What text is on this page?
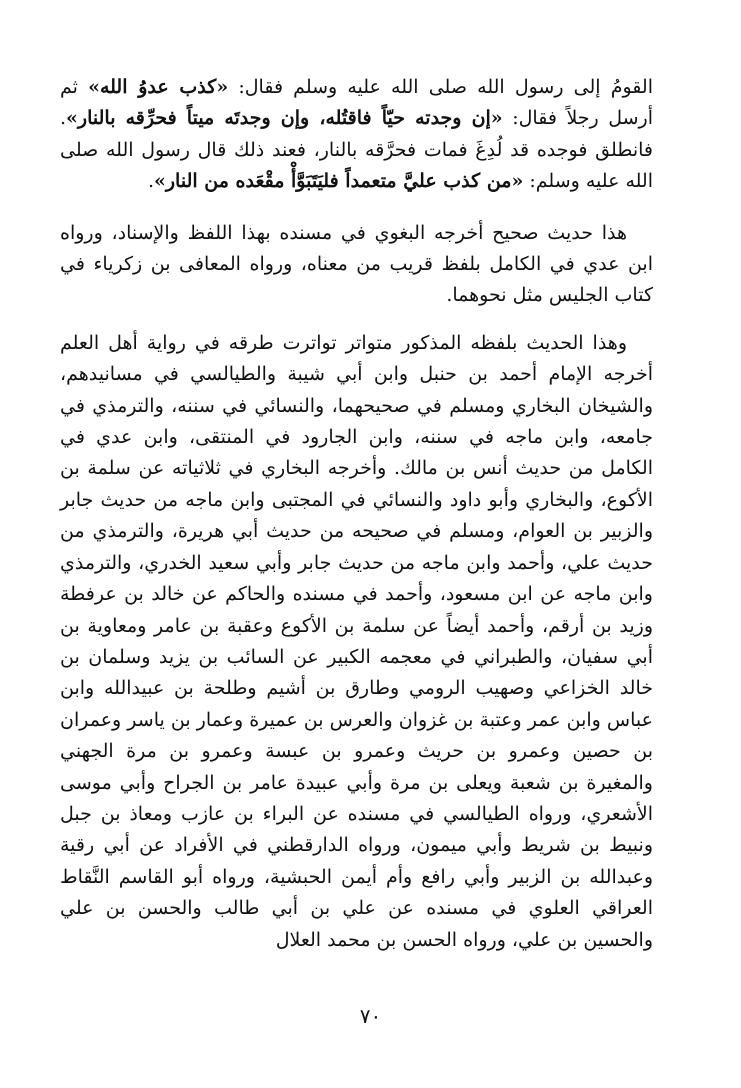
القومُ إلى رسول الله صلى الله عليه وسلم فقال: «كذب عدوُ الله» ثم أرسل رجلاً فقال: «إن وجدته حيّاً فاقتُله، وإن وجدتَه ميتاً فحرِّقه بالنار». فانطلق فوجده قد لُدِغَ فمات فحرَّقه بالنار، فعند ذلك قال رسول الله صلى الله عليه وسلم: «من كذب عليَّ متعمداً فليَتَبَوَّأْ مقْعَده من النار».

هذا حديث صحيح أخرجه البغوي في مسنده بهذا اللفظ والإسناد، ورواه ابن عدي في الكامل بلفظ قريب من معناه، ورواه المعافى بن زكرياء في كتاب الجليس مثل نحوهما.

وهذا الحديث بلفظه المذكور متواتر تواترت طرقه في رواية أهل العلم أخرجه الإمام أحمد بن حنبل وابن أبي شيبة والطيالسي في مسانيدهم، والشيخان البخاري ومسلم في صحيحهما، والنسائي في سننه، والترمذي في جامعه، وابن ماجه في سننه، وابن الجارود في المنتقى، وابن عدي في الكامل من حديث أنس بن مالك. وأخرجه البخاري في ثلاثياته عن سلمة بن الأكوع، والبخاري وأبو داود والنسائي في المجتبى وابن ماجه من حديث جابر والزبير بن العوام، ومسلم في صحيحه من حديث أبي هريرة، والترمذي من حديث علي، وأحمد وابن ماجه من حديث جابر وأبي سعيد الخدري، والترمذي وابن ماجه عن ابن مسعود، وأحمد في مسنده والحاكم عن خالد بن عرفطة وزيد بن أرقم، وأحمد أيضاً عن سلمة بن الأكوع وعقبة بن عامر ومعاوية بن أبي سفيان، والطبراني في معجمه الكبير عن السائب بن يزيد وسلمان بن خالد الخزاعي وصهيب الرومي وطارق بن أشيم وطلحة بن عبيدالله وابن عباس وابن عمر وعتبة بن غزوان والعرس بن عميرة وعمار بن ياسر وعمران بن حصين وعمرو بن حريث وعمرو بن عبسة وعمرو بن مرة الجهني والمغيرة بن شعبة ويعلى بن مرة وأبي عبيدة عامر بن الجراح وأبي موسى الأشعري، ورواه الطيالسي في مسنده عن البراء بن عازب ومعاذ بن جبل ونبيط بن شريط وأبي ميمون، ورواه الدارقطني في الأفراد عن أبي رقية وعبدالله بن الزبير وأبي رافع وأم أيمن الحبشية، ورواه أبو القاسم النَّقاط العراقي العلوي في مسنده عن علي بن أبي طالب والحسن بن علي والحسين بن علي، ورواه الحسن بن محمد العلال

٧٠
